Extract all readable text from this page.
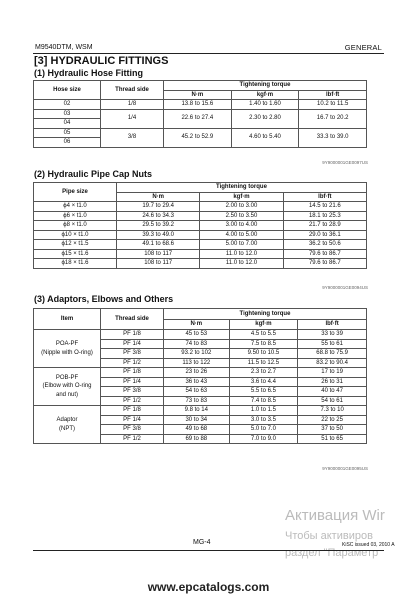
M9540DTM, WSM	GENERAL
[3] HYDRAULIC FITTINGS
(1) Hydraulic Hose Fitting
Hose size	Thread side	Tightening torque		
		N·m	kgf·m	lbf·ft
02	1/8	13.8 to 15.6	1.40 to 1.60	10.2 to 11.5
03	1/4	22.6 to 27.4	2.30 to 2.80	16.7 to 20.2
04				
05	3/8	45.2 to 52.9	4.60 to 5.40	33.3 to 39.0
06				
9Y9000001GE0097US
(2) Hydraulic Pipe Cap Nuts
Pipe size	Tightening torque		
	N·m	kgf·m	lbf·ft
ϕ4 × t1.0	19.7 to 29.4	2.00 to 3.00	14.5 to 21.6
ϕ6 × t1.0	24.6 to 34.3	2.50 to 3.50	18.1 to 25.3
ϕ8 × t1.0	29.5 to 39.2	3.00 to 4.00	21.7 to 28.9
ϕ10 × t1.0	39.3 to 49.0	4.00 to 5.00	29.0 to 36.1
ϕ12 × t1.5	49.1 to 68.6	5.00 to 7.00	36.2 to 50.6
ϕ15 × t1.6	108 to 117	11.0 to 12.0	79.6 to 86.7
ϕ18 × t1.6	108 to 117	11.0 to 12.0	79.6 to 86.7
9Y9000001GE0094US
(3) Adaptors, Elbows and Others
Item	Thread side	Tightening torque		
		N·m	kgf·m	lbf·ft

POA-PF
(Nipple with O-ring)	PF 1/8	45 to 53	4.5 to 5.5	33 to 39
	PF 1/4	74 to 83	7.5 to 8.5	55 to 61
	PF 3/8	93.2 to 102	9.50 to 10.5	68.8 to 75.9
	PF 1/2	113 to 122	11.5 to 12.5	83.2 to 90.4

POB-PF
(Elbow with O-ring
and nut)	PF 1/8	23 to 26	2.3 to 2.7	17 to 19
	PF 1/4	36 to 43	3.6 to 4.4	26 to 31
	PF 3/8	54 to 63	5.5 to 6.5	40 to 47
	PF 1/2	73 to 83	7.4 to 8.5	54 to 61

Adaptor
(NPT)	PF 1/8	9.8 to 14	1.0 to 1.5	7.3 to 10
	PF 1/4	30 to 34	3.0 to 3.5	22 to 25
	PF 3/8	49 to 68	5.0 to 7.0	37 to 50
	PF 1/2	69 to 88	7.0 to 9.0	51 to 65
9Y9000001GE0095US
Активация Wir
Чтобы активиров
раздел "Параметр
MG-4	KiSC issued 03, 2010 A
www.epcatalogs.com
